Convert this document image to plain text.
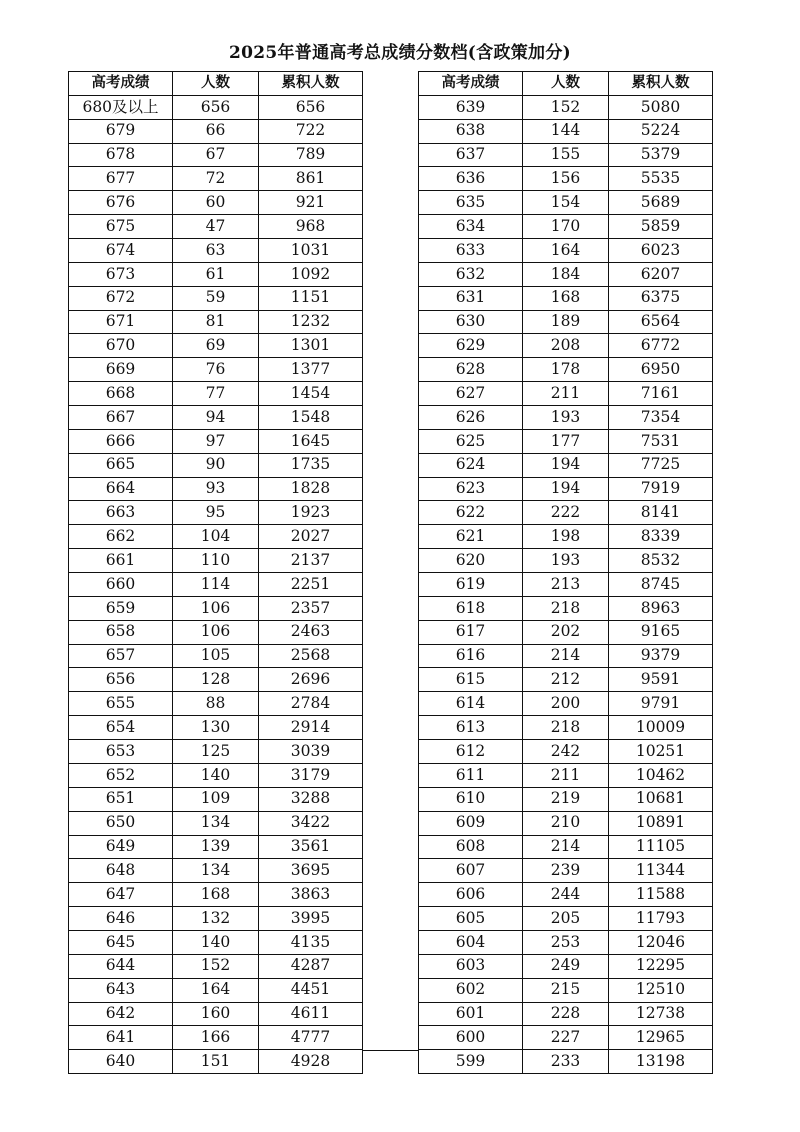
2025年普通高考总成绩分数档(含政策加分)
高考成绩	人数	累积人数
680及以上	656	656
679	66	722
678	67	789
677	72	861
676	60	921
675	47	968
674	63	1031
673	61	1092
672	59	1151
671	81	1232
670	69	1301
669	76	1377
668	77	1454
667	94	1548
666	97	1645
665	90	1735
664	93	1828
663	95	1923
662	104	2027
661	110	2137
660	114	2251
659	106	2357
658	106	2463
657	105	2568
656	128	2696
655	88	2784
654	130	2914
653	125	3039
652	140	3179
651	109	3288
650	134	3422
649	139	3561
648	134	3695
647	168	3863
646	132	3995
645	140	4135
644	152	4287
643	164	4451
642	160	4611
641	166	4777
640	151	4928
高考成绩	人数	累积人数
639	152	5080
638	144	5224
637	155	5379
636	156	5535
635	154	5689
634	170	5859
633	164	6023
632	184	6207
631	168	6375
630	189	6564
629	208	6772
628	178	6950
627	211	7161
626	193	7354
625	177	7531
624	194	7725
623	194	7919
622	222	8141
621	198	8339
620	193	8532
619	213	8745
618	218	8963
617	202	9165
616	214	9379
615	212	9591
614	200	9791
613	218	10009
612	242	10251
611	211	10462
610	219	10681
609	210	10891
608	214	11105
607	239	11344
606	244	11588
605	205	11793
604	253	12046
603	249	12295
602	215	12510
601	228	12738
600	227	12965
599	233	13198
